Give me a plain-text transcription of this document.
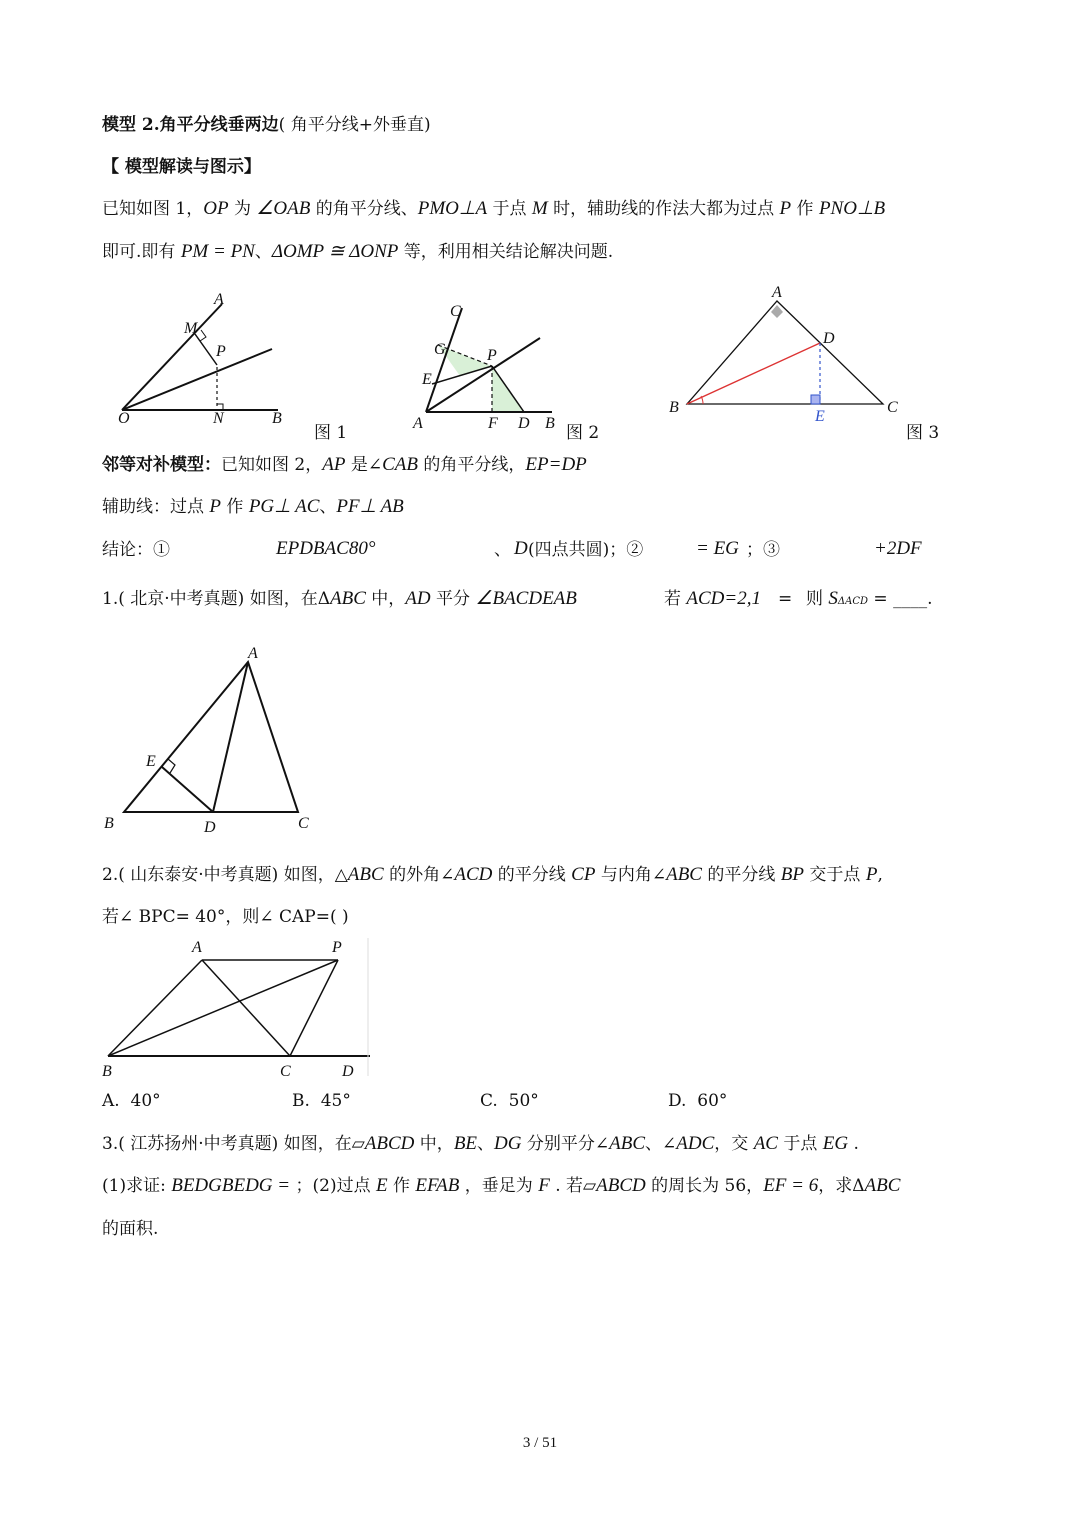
模型 2.角平分线垂两边( 角平分线+外垂直)
【 模型解读与图示】
已知如图 1，OP 为 ∠OAB 的角平分线、PMO⊥A 于点 M 时，辅助线的作法大都为过点 P 作 PNO⊥B
即可.即有 PM = PN、ΔOMP ≅ ΔONP 等，利用相关结论解决问题.
A
M
P
O	N	B
图 1
C
G	P
E
A	F D B 图 2
A
D
B
E
C
图 3
邻等对补模型：已知如图 2，AP 是∠CAB 的角平分线，EP=DP
辅助线：过点 P 作 PG⊥ AC、PF⊥ AB
结论：①	EPDBAC80°	、 D (四点共圆)；②	= EG ；③	+2DF
1.( 北京·中考真题) 如图，在ΔABC 中，AD 平分 ∠BACDEAB	若 ACD=2,1 = 则 SΔACD = ____.
A
E
B	D	C
2.( 山东泰安·中考真题) 如图，△ABC 的外角∠ACD 的平分线 CP 与内角∠ABC 的平分线 BP 交于点 P,
若∠ BPC= 40°，则∠ CAP=( )
A	P
B	C	D
A. 40°	B. 45°	C. 50°	D. 60°
3.( 江苏扬州·中考真题) 如图，在▱ABCD 中，BE、DG 分别平分∠ABC、∠ADC，交 AC 于点 EG .
(1)求证: BEDGBEDG = ；(2)过点 E 作 EFAB ，垂足为 F . 若▱ABCD 的周长为 56，EF = 6，求ΔABC
的面积.
3 / 51
